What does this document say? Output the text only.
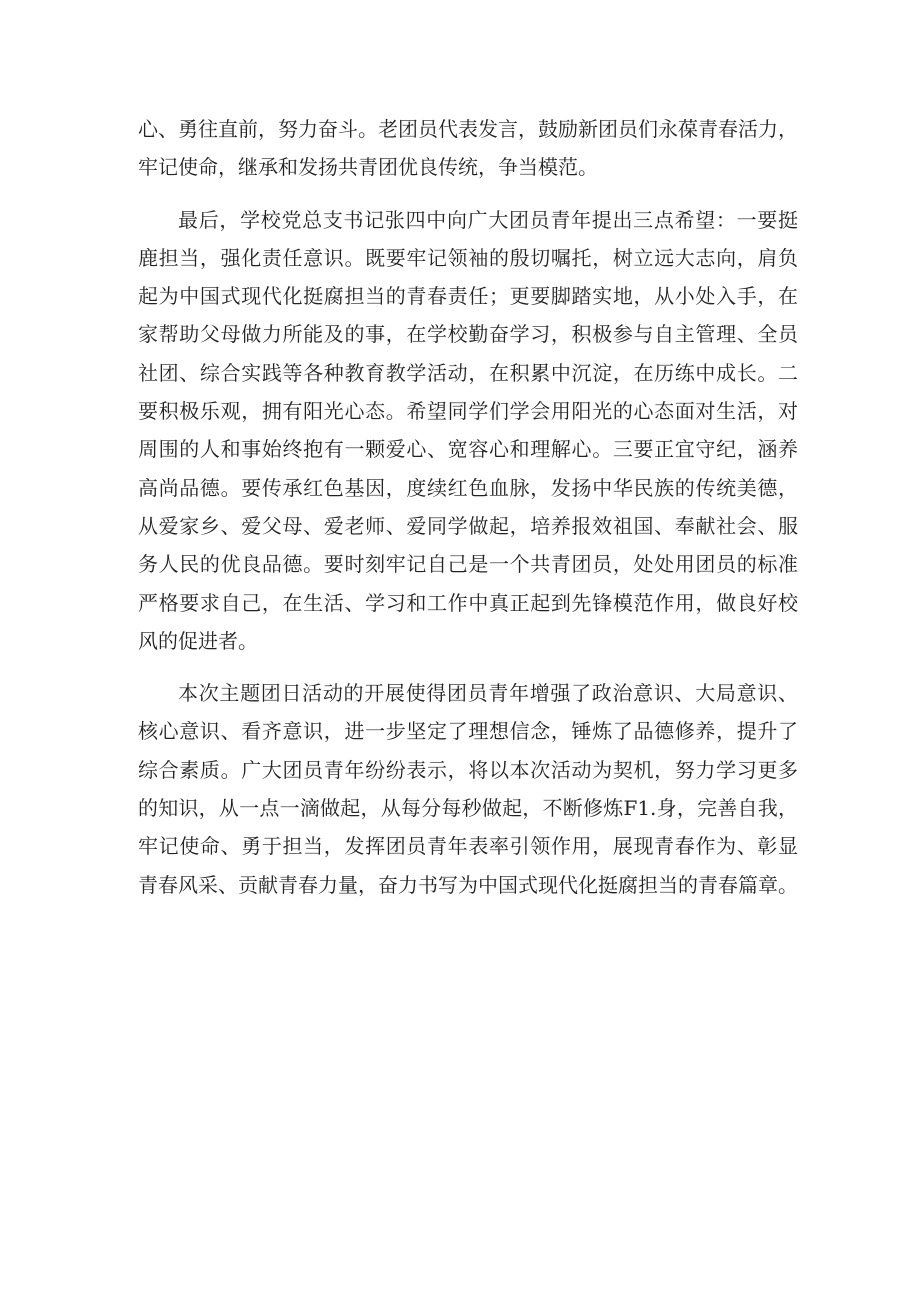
心、勇往直前，努力奋斗。老团员代表发言，鼓励新团员们永葆青春活力，
牢记使命，继承和发扬共青团优良传统，争当模范。
最后，学校党总支书记张四中向广大团员青年提出三点希望：一要挺
鹿担当，强化责任意识。既要牢记领袖的殷切嘱托，树立远大志向，肩负
起为中国式现代化挺腐担当的青春责任；更要脚踏实地，从小处入手，在
家帮助父母做力所能及的事，在学校勤奋学习，积极参与自主管理、全员
社团、综合实践等各种教育教学活动，在积累中沉淀，在历练中成长。二
要积极乐观，拥有阳光心态。希望同学们学会用阳光的心态面对生活，对
周围的人和事始终抱有一颗爱心、宽容心和理解心。三要正宜守纪，涵养
高尚品德。要传承红色基因，度续红色血脉，发扬中华民族的传统美德，
从爱家乡、爱父母、爱老师、爱同学做起，培养报效祖国、奉献社会、服
务人民的优良品德。要时刻牢记自己是一个共青团员，处处用团员的标准
严格要求自己，在生活、学习和工作中真正起到先锋模范作用，做良好校
风的促进者。
本次主题团日活动的开展使得团员青年增强了政治意识、大局意识、
核心意识、看齐意识，进一步坚定了理想信念，锤炼了品德修养，提升了
综合素质。广大团员青年纷纷表示，将以本次活动为契机，努力学习更多
的知识，从一点一滴做起，从每分每秒做起，不断修炼F1.身，完善自我，
牢记使命、勇于担当，发挥团员青年表率引领作用，展现青春作为、彰显
青春风采、贡献青春力量，奋力书写为中国式现代化挺腐担当的青春篇章。
